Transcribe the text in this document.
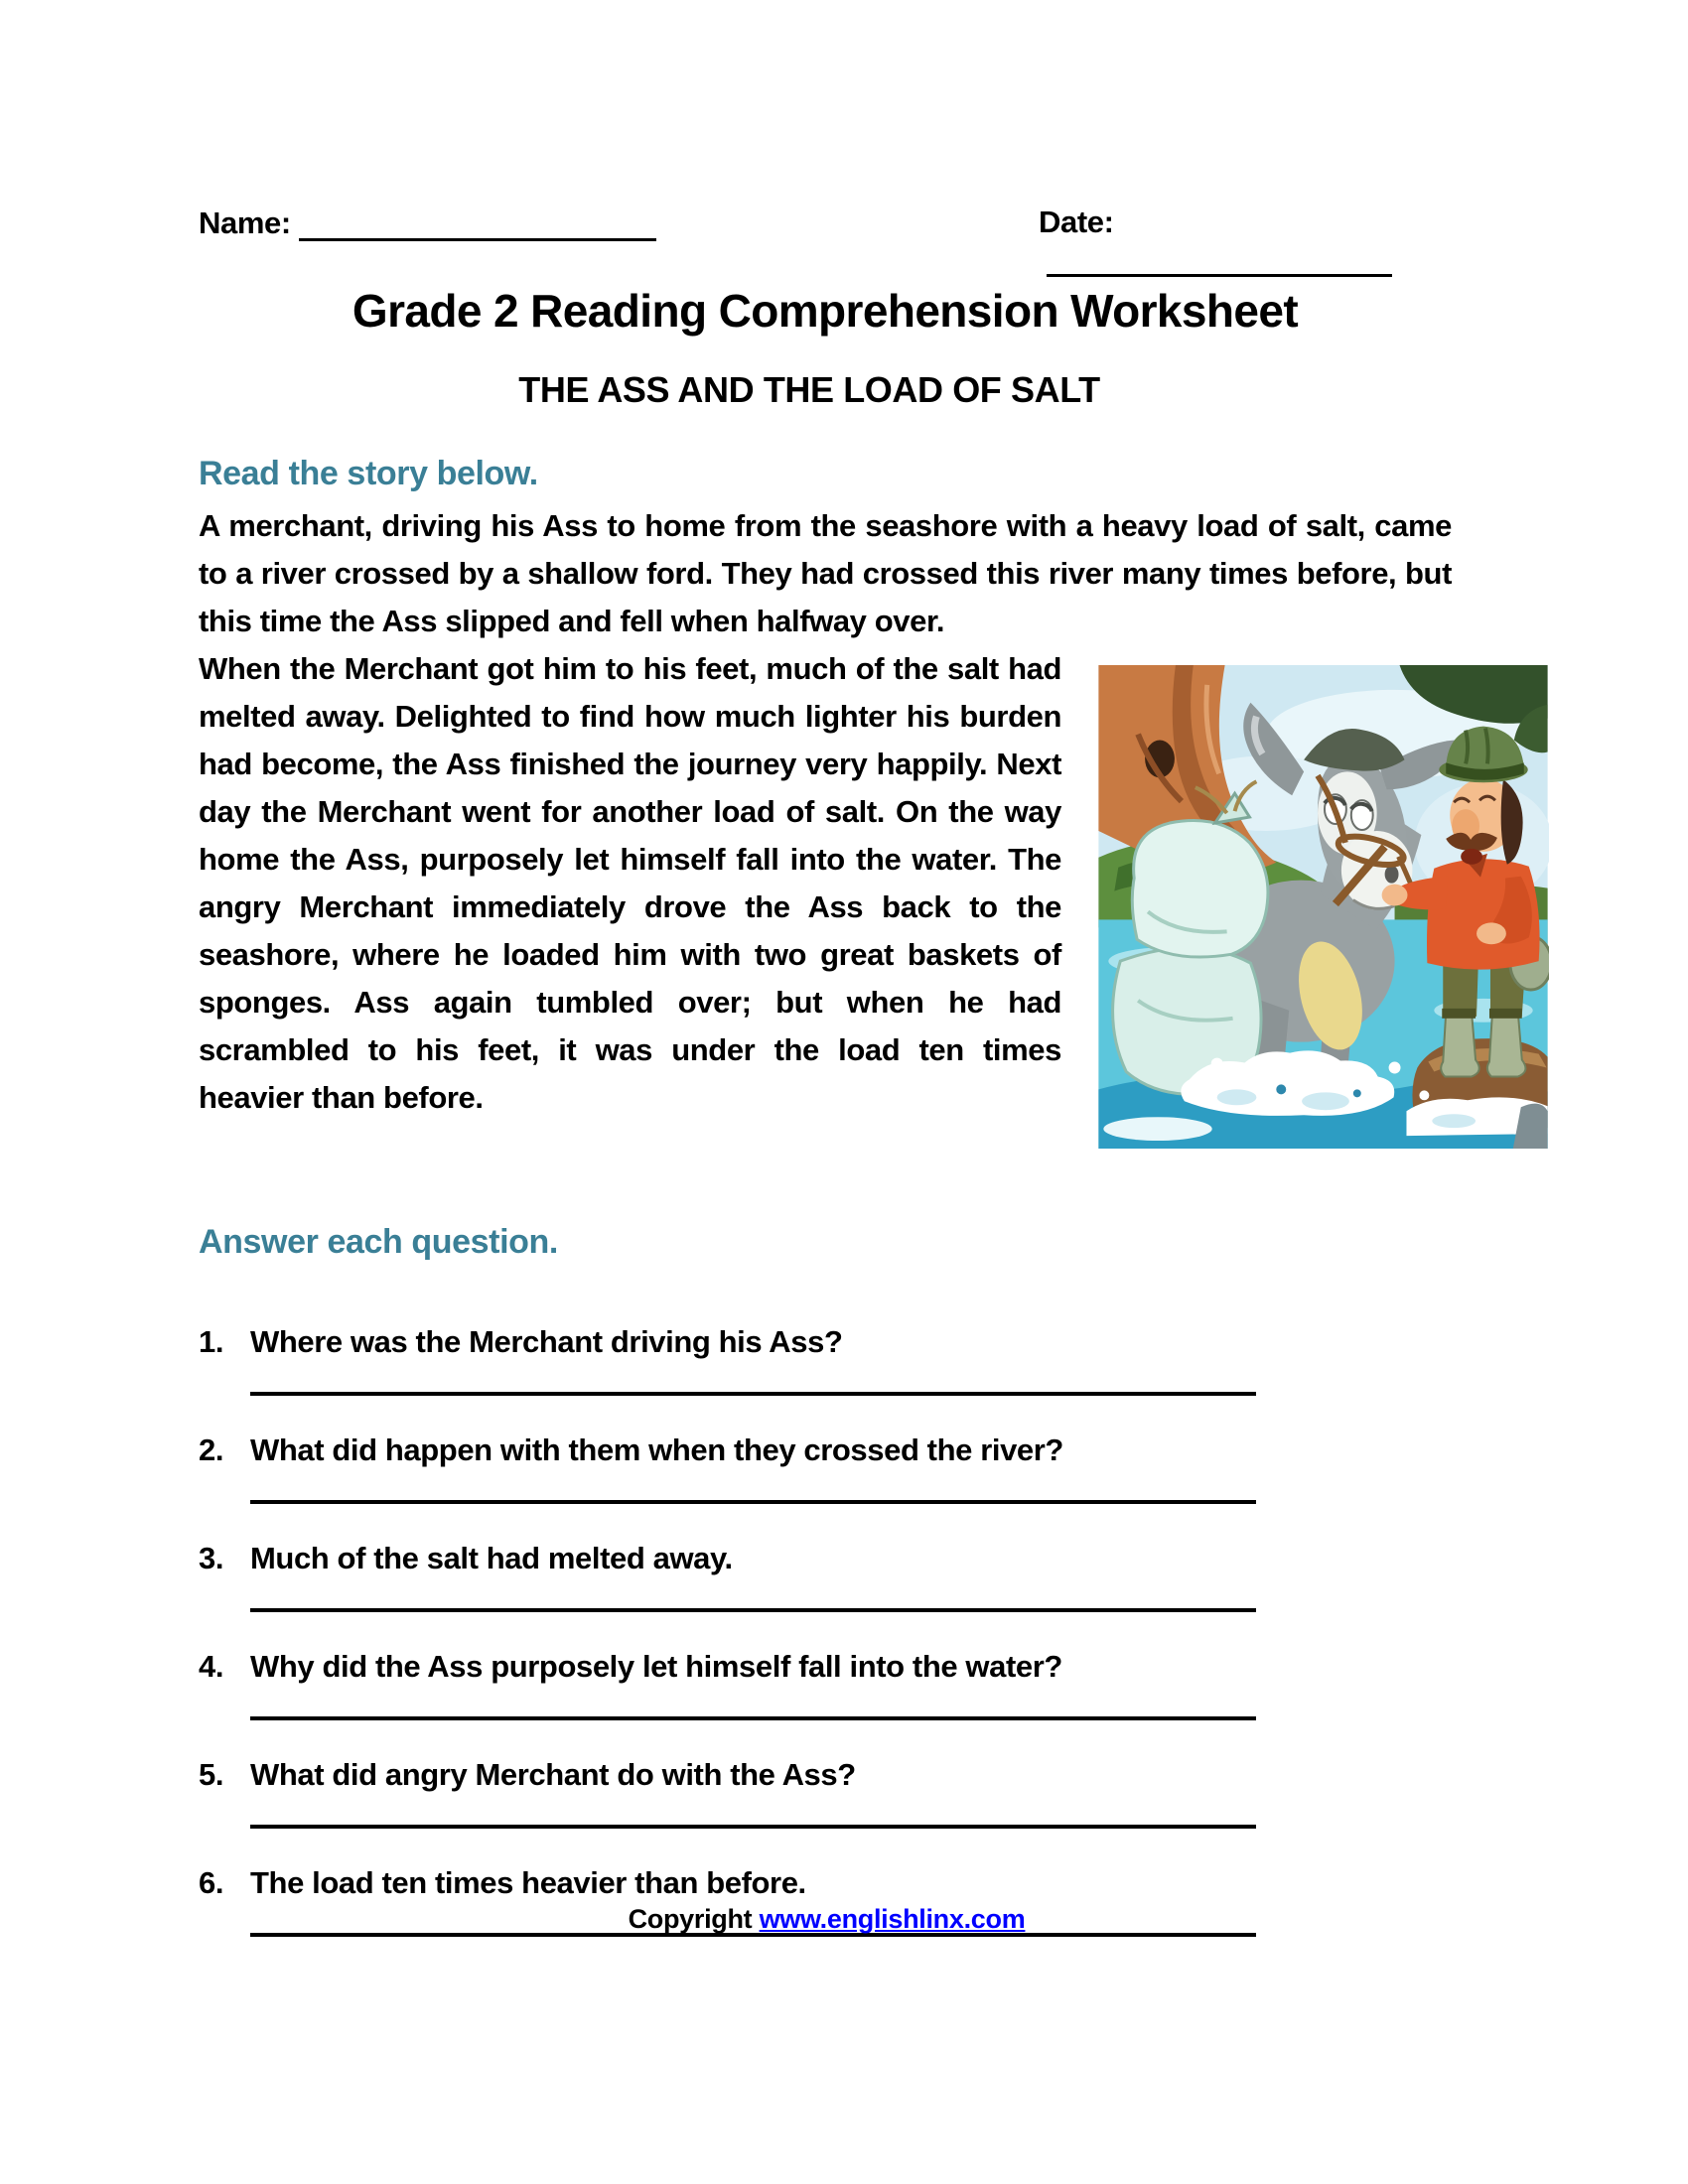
Name:	Date:
Grade 2 Reading Comprehension Worksheet
THE ASS AND THE LOAD OF SALT
Read the story below.
A merchant, driving his Ass to home from the seashore with a heavy load of salt, came to a river crossed by a shallow ford. They had crossed this river many times before, but this time the Ass slipped and fell when halfway over.
When the Merchant got him to his feet, much of the salt had melted away. Delighted to find how much lighter his burden had become, the Ass finished the journey very happily. Next day the Merchant went for another load of salt. On the way home the Ass, purposely let himself fall into the water. The angry Merchant immediately drove the Ass back to the seashore, where he loaded him with two great baskets of sponges. Ass again tumbled over; but when he had scrambled to his feet, it was under the load ten times heavier than before.
Answer each question.
1. Where was the Merchant driving his Ass?
2. What did happen with them when they crossed the river?
3. Much of the salt had melted away.
4. Why did the Ass purposely let himself fall into the water?
5. What did angry Merchant do with the Ass?
6. The load ten times heavier than before.
Copyright www.englishlinx.com
